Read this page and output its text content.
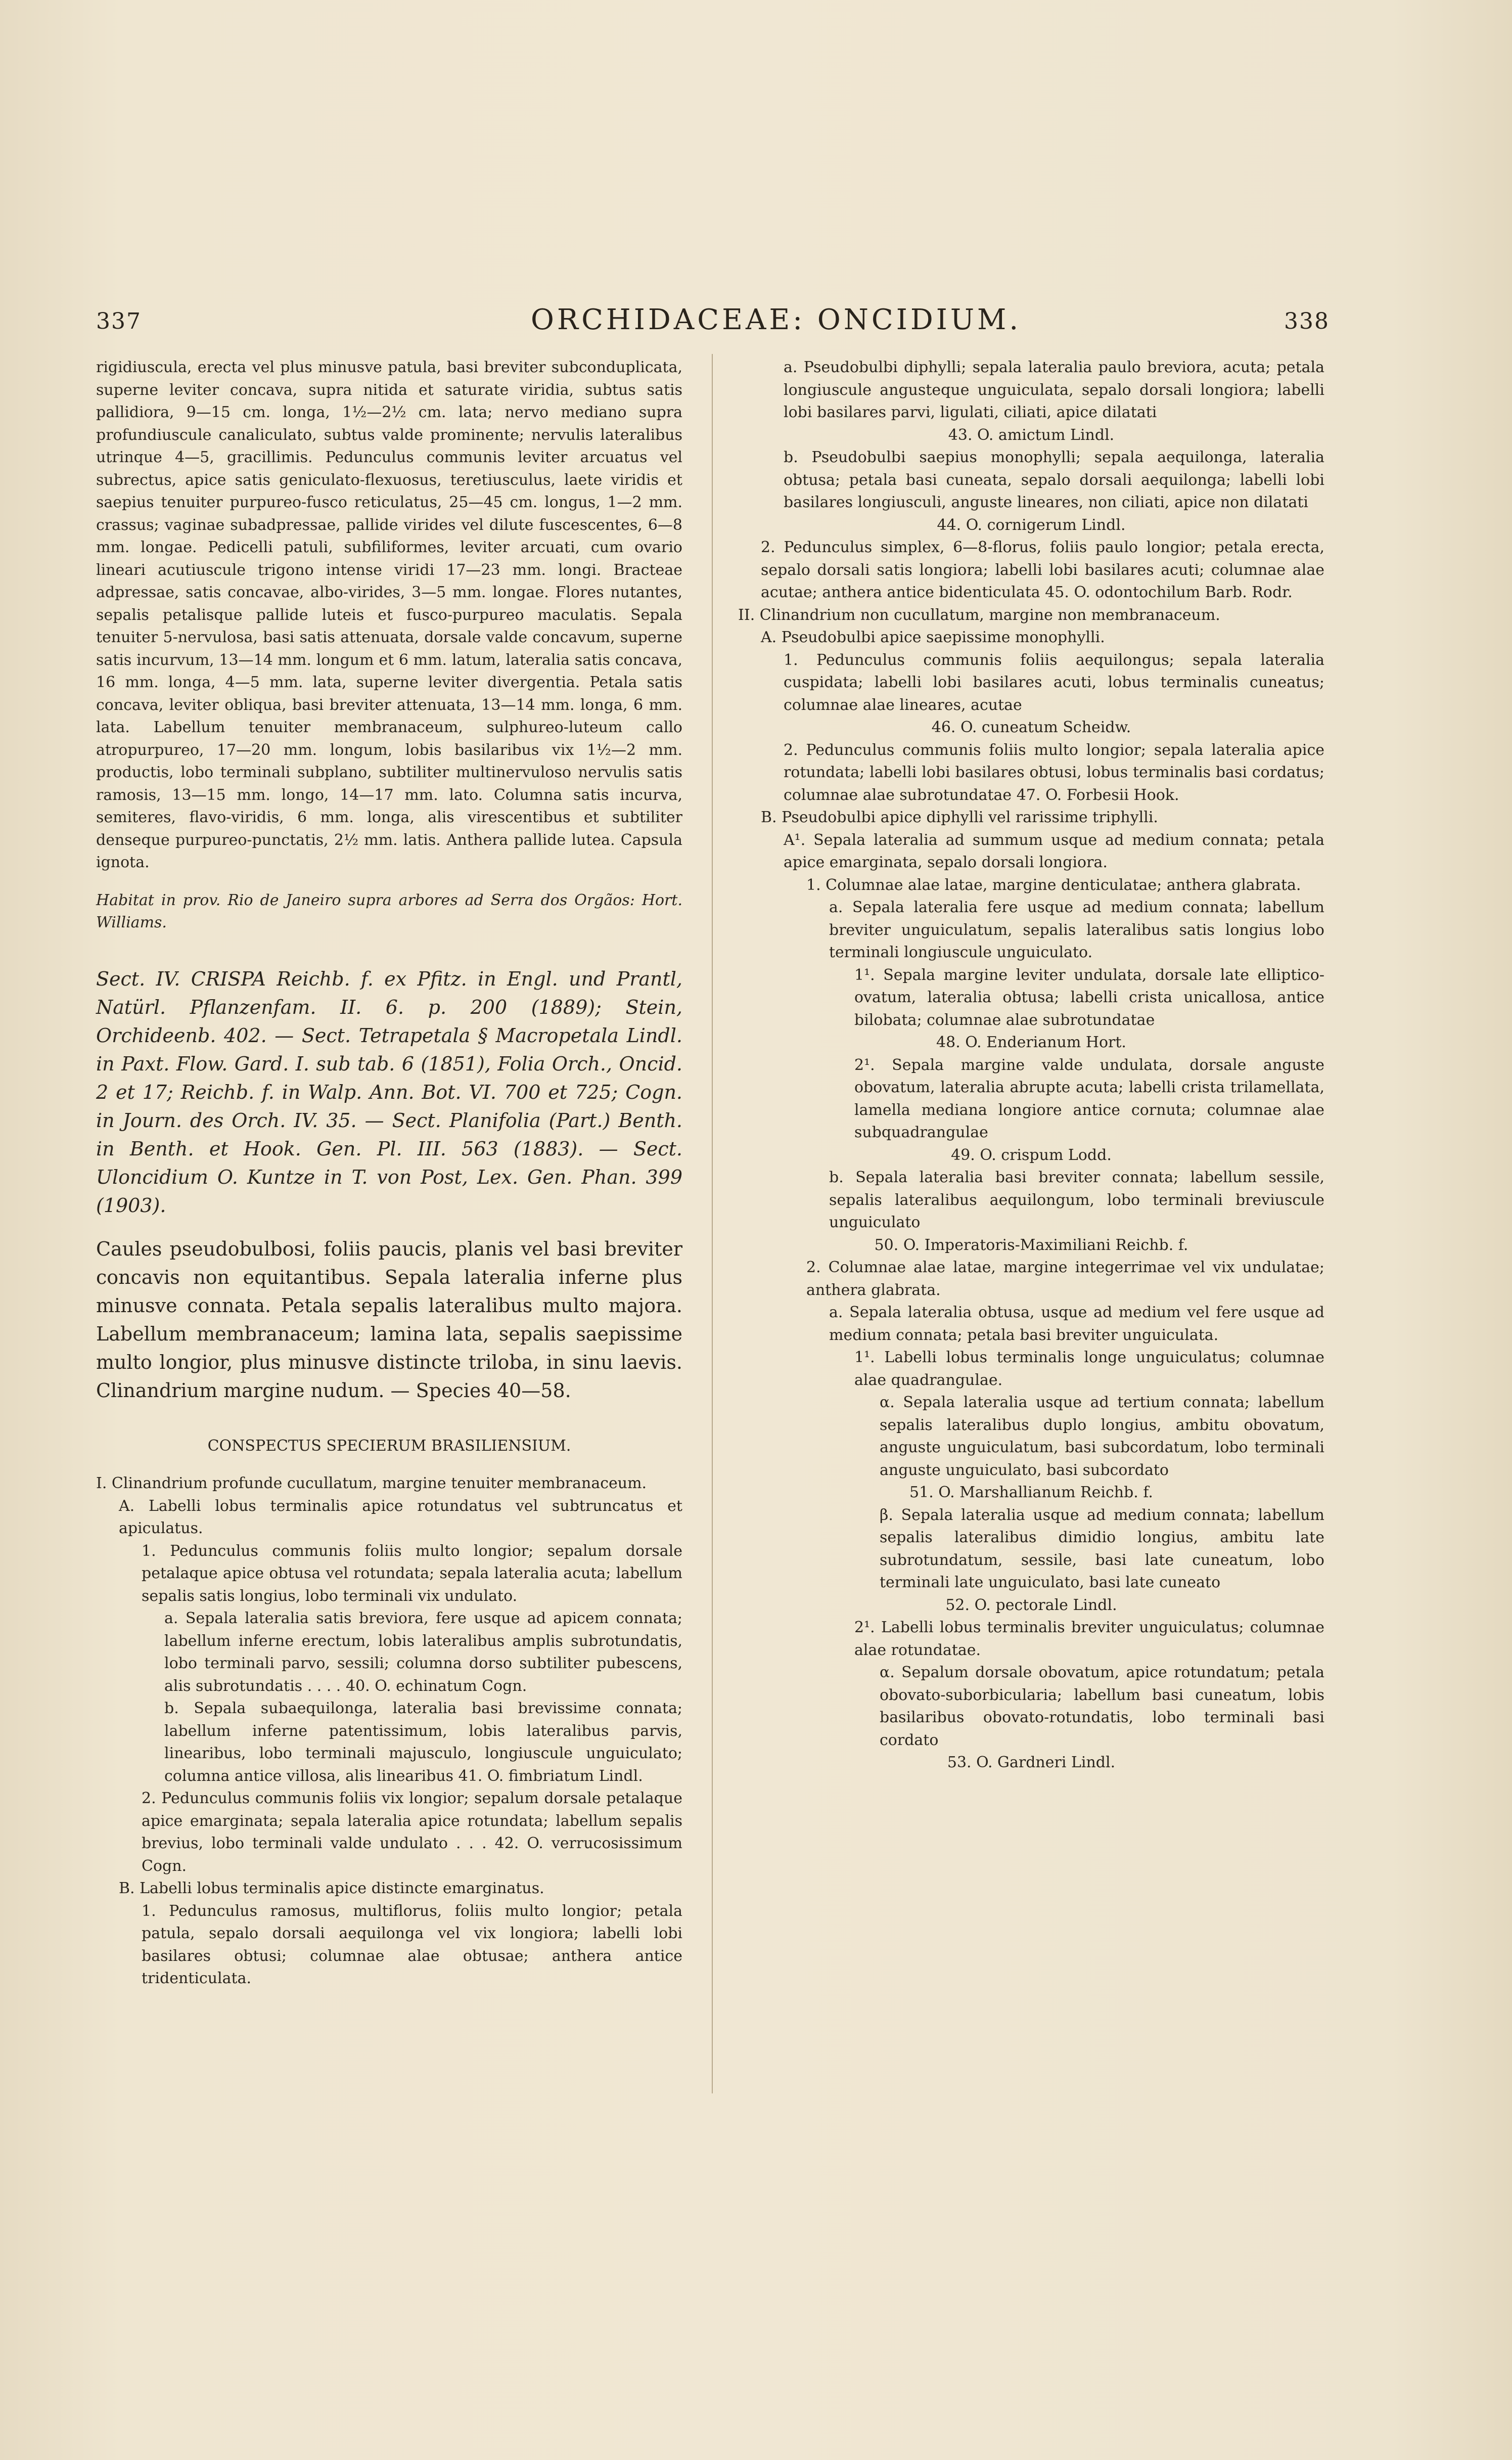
337	ORCHIDACEAE: ONCIDIUM.	338

rigidiuscula, erecta vel plus minusve patula, basi breviter subconduplicata, superne leviter concava, supra nitida et saturate viridia, subtus satis pallidiora, 9—15 cm. longa, 1½—2½ cm. lata; nervo mediano supra profundiuscule canaliculato, subtus valde prominente; nervulis lateralibus utrinque 4—5, gracillimis. Pedunculus communis leviter arcuatus vel subrectus, apice satis geniculato-flexuosus, teretiusculus, laete viridis et saepius tenuiter purpureo-fusco reticulatus, 25—45 cm. longus, 1—2 mm. crassus; vaginae subadpressae, pallide virides vel dilute fuscescentes, 6—8 mm. longae. Pedicelli patuli, subfiliformes, leviter arcuati, cum ovario lineari acutiuscule trigono intense viridi 17—23 mm. longi. Bracteae adpressae, satis concavae, albo-virides, 3—5 mm. longae. Flores nutantes, sepalis petalisque pallide luteis et fusco-purpureo maculatis. Sepala tenuiter 5-nervulosa, basi satis attenuata, dorsale valde concavum, superne satis incurvum, 13—14 mm. longum et 6 mm. latum, lateralia satis concava, 16 mm. longa, 4—5 mm. lata, superne leviter divergentia. Petala satis concava, leviter obliqua, basi breviter attenuata, 13—14 mm. longa, 6 mm. lata. Labellum tenuiter membranaceum, sulphureo-luteum callo atropurpureo, 17—20 mm. longum, lobis basilaribus vix 1½—2 mm. productis, lobo terminali subplano, subtiliter multinervuloso nervulis satis ramosis, 13—15 mm. longo, 14—17 mm. lato. Columna satis incurva, semiteres, flavo-viridis, 6 mm. longa, alis virescentibus et subtiliter denseque purpureo-punctatis, 2½ mm. latis. Anthera pallide lutea. Capsula ignota.

Habitat in prov. Rio de Janeiro supra arbores ad Serra dos Orgãos: Hort. Williams.

Sect. IV. CRISPA Reichb. f. ex Pfitz. in Engl. und Prantl, Natürl. Pflanzenfam. II. 6. p. 200 (1889); Stein, Orchideenb. 402. — Sect. Tetrapetala § Macropetala Lindl. in Paxt. Flow. Gard. I. sub tab. 6 (1851), Folia Orch., Oncid. 2 et 17; Reichb. f. in Walp. Ann. Bot. VI. 700 et 725; Cogn. in Journ. des Orch. IV. 35. — Sect. Planifolia (Part.) Benth. in Benth. et Hook. Gen. Pl. III. 563 (1883). — Sect. Uloncidium O. Kuntze in T. von Post, Lex. Gen. Phan. 399 (1903).

Caules pseudobulbosi, foliis paucis, planis vel basi breviter concavis non equitantibus. Sepala lateralia inferne plus minusve connata. Petala sepalis lateralibus multo majora. Labellum membranaceum; lamina lata, sepalis saepissime multo longior, plus minusve distincte triloba, in sinu laevis. Clinandrium margine nudum. — Species 40—58.

CONSPECTUS SPECIERUM BRASILIENSIUM.

I. Clinandrium profunde cucullatum, margine tenuiter membranaceum.

A. Labelli lobus terminalis apice rotundatus vel subtruncatus et apiculatus.

1. Pedunculus communis foliis multo longior; sepalum dorsale petalaque apice obtusa vel rotundata; sepala lateralia acuta; labellum sepalis satis longius, lobo terminali vix undulato.

a. Sepala lateralia satis breviora, fere usque ad apicem connata; labellum inferne erectum, lobis lateralibus amplis subrotundatis, lobo terminali parvo, sessili; columna dorso subtiliter pubescens, alis subrotundatis . . . . 40. O. echinatum Cogn.

b. Sepala subaequilonga, lateralia basi brevissime connata; labellum inferne patentissimum, lobis lateralibus parvis, linearibus, lobo terminali majusculo, longiuscule unguiculato; columna antice villosa, alis linearibus 41. O. fimbriatum Lindl.

2. Pedunculus communis foliis vix longior; sepalum dorsale petalaque apice emarginata; sepala lateralia apice rotundata; labellum sepalis brevius, lobo terminali valde undulato . . . 42. O. verrucosissimum Cogn.

B. Labelli lobus terminalis apice distincte emarginatus.

1. Pedunculus ramosus, multiflorus, foliis multo longior; petala patula, sepalo dorsali aequilonga vel vix longiora; labelli lobi basilares obtusi; columnae alae obtusae; anthera antice tridenticulata.

a. Pseudobulbi diphylli; sepala lateralia paulo breviora, acuta; petala longiuscule angusteque unguiculata, sepalo dorsali longiora; labelli lobi basilares parvi, ligulati, ciliati, apice dilatati

43. O. amictum Lindl.

b. Pseudobulbi saepius monophylli; sepala aequilonga, lateralia obtusa; petala basi cuneata, sepalo dorsali aequilonga; labelli lobi basilares longiusculi, anguste lineares, non ciliati, apice non dilatati

44. O. cornigerum Lindl.

2. Pedunculus simplex, 6—8-florus, foliis paulo longior; petala erecta, sepalo dorsali satis longiora; labelli lobi basilares acuti; columnae alae acutae; anthera antice bidenticulata 45. O. odontochilum Barb. Rodr.

II. Clinandrium non cucullatum, margine non membranaceum.

A. Pseudobulbi apice saepissime monophylli.

1. Pedunculus communis foliis aequilongus; sepala lateralia cuspidata; labelli lobi basilares acuti, lobus terminalis cuneatus; columnae alae lineares, acutae

46. O. cuneatum Scheidw.

2. Pedunculus communis foliis multo longior; sepala lateralia apice rotundata; labelli lobi basilares obtusi, lobus terminalis basi cordatus; columnae alae subrotundatae 47. O. Forbesii Hook.

B. Pseudobulbi apice diphylli vel rarissime triphylli.

A¹. Sepala lateralia ad summum usque ad medium connata; petala apice emarginata, sepalo dorsali longiora.

1. Columnae alae latae, margine denticulatae; anthera glabrata.

a. Sepala lateralia fere usque ad medium connata; labellum breviter unguiculatum, sepalis lateralibus satis longius lobo terminali longiuscule unguiculato.

1¹. Sepala margine leviter undulata, dorsale late elliptico-ovatum, lateralia obtusa; labelli crista unicallosa, antice bilobata; columnae alae subrotundatae

48. O. Enderianum Hort.

2¹. Sepala margine valde undulata, dorsale anguste obovatum, lateralia abrupte acuta; labelli crista trilamellata, lamella mediana longiore antice cornuta; columnae alae subquadrangulae

49. O. crispum Lodd.

b. Sepala lateralia basi breviter connata; labellum sessile, sepalis lateralibus aequilongum, lobo terminali breviuscule unguiculato

50. O. Imperatoris-Maximiliani Reichb. f.

2. Columnae alae latae, margine integerrimae vel vix undulatae; anthera glabrata.

a. Sepala lateralia obtusa, usque ad medium vel fere usque ad medium connata; petala basi breviter unguiculata.

1¹. Labelli lobus terminalis longe unguiculatus; columnae alae quadrangulae.

α. Sepala lateralia usque ad tertium connata; labellum sepalis lateralibus duplo longius, ambitu obovatum, anguste unguiculatum, basi subcordatum, lobo terminali anguste unguiculato, basi subcordato

51. O. Marshallianum Reichb. f.

β. Sepala lateralia usque ad medium connata; labellum sepalis lateralibus dimidio longius, ambitu late subrotundatum, sessile, basi late cuneatum, lobo terminali late unguiculato, basi late cuneato

52. O. pectorale Lindl.

2¹. Labelli lobus terminalis breviter unguiculatus; columnae alae rotundatae.

α. Sepalum dorsale obovatum, apice rotundatum; petala obovato-suborbicularia; labellum basi cuneatum, lobis basilaribus obovato-rotundatis, lobo terminali basi cordato

53. O. Gardneri Lindl.
